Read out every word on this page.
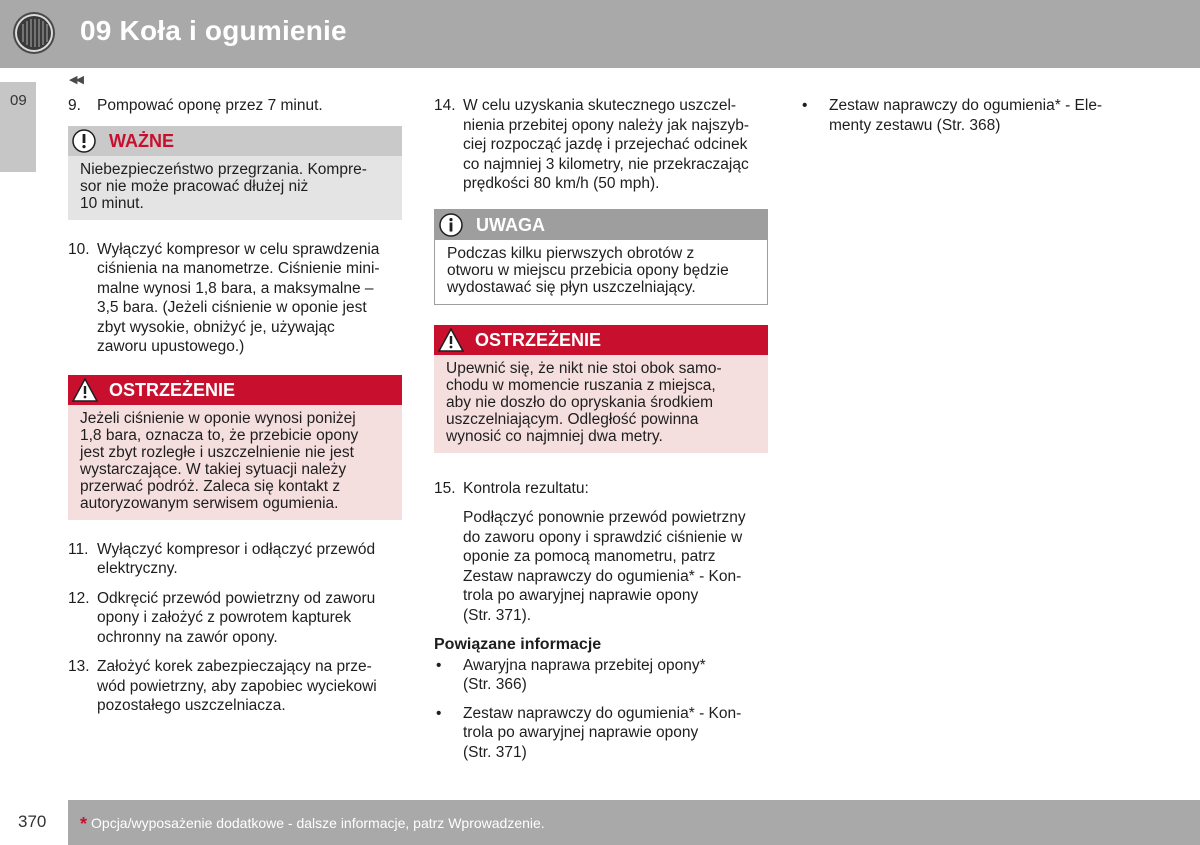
09 Koła i ogumienie
09
◀◀
9. Pompować oponę przez 7 minut.
WAŻNE
Niebezpieczeństwo przegrzania. Kompre-
sor nie może pracować dłużej niż
10 minut.
10. Wyłączyć kompresor w celu sprawdzenia
ciśnienia na manometrze. Ciśnienie mini-
malne wynosi 1,8 bara, a maksymalne –
3,5 bara. (Jeżeli ciśnienie w oponie jest
zbyt wysokie, obniżyć je, używając
zaworu upustowego.)
OSTRZEŻENIE
Jeżeli ciśnienie w oponie wynosi poniżej
1,8 bara, oznacza to, że przebicie opony
jest zbyt rozległe i uszczelnienie nie jest
wystarczające. W takiej sytuacji należy
przerwać podróż. Zaleca się kontakt z
autoryzowanym serwisem ogumienia.
11. Wyłączyć kompresor i odłączyć przewód
elektryczny.
12. Odkręcić przewód powietrzny od zaworu
opony i założyć z powrotem kapturek
ochronny na zawór opony.
13. Założyć korek zabezpieczający na prze-
wód powietrzny, aby zapobiec wyciekowi
pozostałego uszczelniacza.
14. W celu uzyskania skutecznego uszczel-
nienia przebitej opony należy jak najszyb-
ciej rozpocząć jazdę i przejechać odcinek
co najmniej 3 kilometry, nie przekraczając
prędkości 80 km/h (50 mph).
UWAGA
Podczas kilku pierwszych obrotów z
otworu w miejscu przebicia opony będzie
wydostawać się płyn uszczelniający.
OSTRZEŻENIE
Upewnić się, że nikt nie stoi obok samo-
chodu w momencie ruszania z miejsca,
aby nie doszło do opryskania środkiem
uszczelniającym. Odległość powinna
wynosić co najmniej dwa metry.
15. Kontrola rezultatu:
Podłączyć ponownie przewód powietrzny
do zaworu opony i sprawdzić ciśnienie w
oponie za pomocą manometru, patrz
Zestaw naprawczy do ogumienia* - Kon-
trola po awaryjnej naprawie opony
(Str. 371).
Powiązane informacje
• Awaryjna naprawa przebitej opony*
(Str. 366)
• Zestaw naprawczy do ogumienia* - Kon-
trola po awaryjnej naprawie opony
(Str. 371)
• Zestaw naprawczy do ogumienia* - Ele-
menty zestawu (Str. 368)
370 * Opcja/wyposażenie dodatkowe - dalsze informacje, patrz Wprowadzenie.
